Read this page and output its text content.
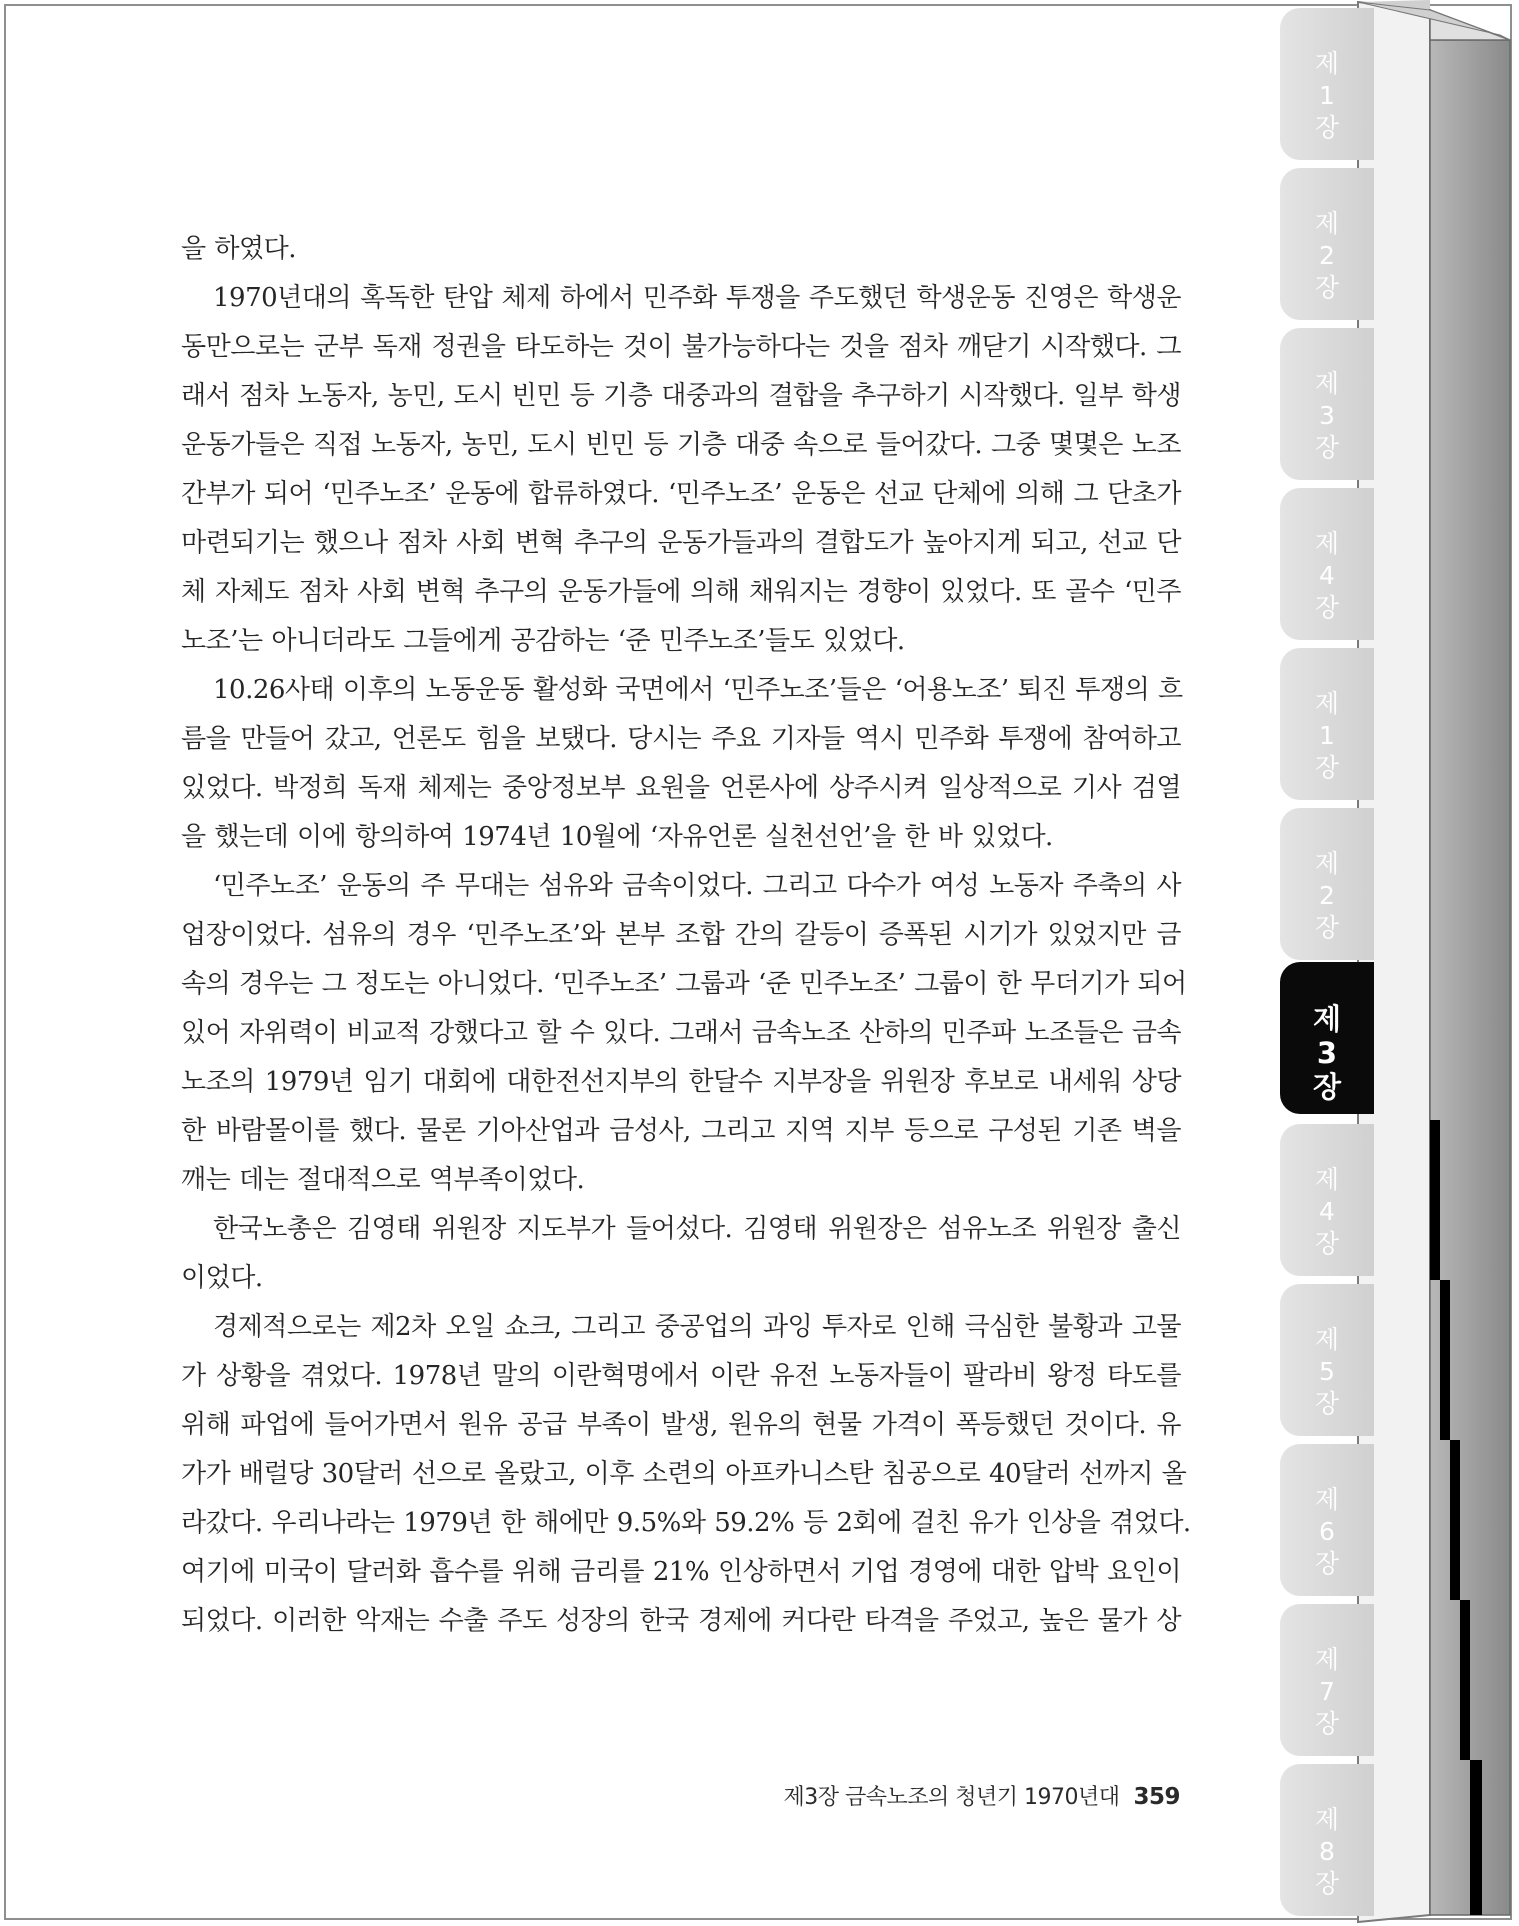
을 하였다.
1970년대의 혹독한 탄압 체제 하에서 민주화 투쟁을 주도했던 학생운동 진영은 학생운
동만으로는 군부 독재 정권을 타도하는 것이 불가능하다는 것을 점차 깨닫기 시작했다. 그
래서 점차 노동자, 농민, 도시 빈민 등 기층 대중과의 결합을 추구하기 시작했다. 일부 학생
운동가들은 직접 노동자, 농민, 도시 빈민 등 기층 대중 속으로 들어갔다. 그중 몇몇은 노조
간부가 되어 ‘민주노조’ 운동에 합류하였다. ‘민주노조’ 운동은 선교 단체에 의해 그 단초가
마련되기는 했으나 점차 사회 변혁 추구의 운동가들과의 결합도가 높아지게 되고, 선교 단
체 자체도 점차 사회 변혁 추구의 운동가들에 의해 채워지는 경향이 있었다. 또 골수 ‘민주
노조’는 아니더라도 그들에게 공감하는 ‘준 민주노조’들도 있었다.
10.26사태 이후의 노동운동 활성화 국면에서 ‘민주노조’들은 ‘어용노조’ 퇴진 투쟁의 흐
름을 만들어 갔고, 언론도 힘을 보탰다. 당시는 주요 기자들 역시 민주화 투쟁에 참여하고
있었다. 박정희 독재 체제는 중앙정보부 요원을 언론사에 상주시켜 일상적으로 기사 검열
을 했는데 이에 항의하여 1974년 10월에 ‘자유언론 실천선언’을 한 바 있었다.
‘민주노조’ 운동의 주 무대는 섬유와 금속이었다. 그리고 다수가 여성 노동자 주축의 사
업장이었다. 섬유의 경우 ‘민주노조’와 본부 조합 간의 갈등이 증폭된 시기가 있었지만 금
속의 경우는 그 정도는 아니었다. ‘민주노조’ 그룹과 ‘준 민주노조’ 그룹이 한 무더기가 되어
있어 자위력이 비교적 강했다고 할 수 있다. 그래서 금속노조 산하의 민주파 노조들은 금속
노조의 1979년 임기 대회에 대한전선지부의 한달수 지부장을 위원장 후보로 내세워 상당
한 바람몰이를 했다. 물론 기아산업과 금성사, 그리고 지역 지부 등으로 구성된 기존 벽을
깨는 데는 절대적으로 역부족이었다.
한국노총은 김영태 위원장 지도부가 들어섰다. 김영태 위원장은 섬유노조 위원장 출신
이었다.
경제적으로는 제2차 오일 쇼크, 그리고 중공업의 과잉 투자로 인해 극심한 불황과 고물
가 상황을 겪었다. 1978년 말의 이란혁명에서 이란 유전 노동자들이 팔라비 왕정 타도를
위해 파업에 들어가면서 원유 공급 부족이 발생, 원유의 현물 가격이 폭등했던 것이다. 유
가가 배럴당 30달러 선으로 올랐고, 이후 소련의 아프카니스탄 침공으로 40달러 선까지 올
라갔다. 우리나라는 1979년 한 해에만 9.5%와 59.2% 등 2회에 걸친 유가 인상을 겪었다.
여기에 미국이 달러화 흡수를 위해 금리를 21% 인상하면서 기업 경영에 대한 압박 요인이
되었다. 이러한 악재는 수출 주도 성장의 한국 경제에 커다란 타격을 주었고, 높은 물가 상
제3장 금속노조의 청년기 1970년대 359
제
1
장
제
2
장
제
3
장
제
4
장
제
1
장
제
2
장
제
3
장
제
4
장
제
5
장
제
6
장
제
7
장
제
8
장
